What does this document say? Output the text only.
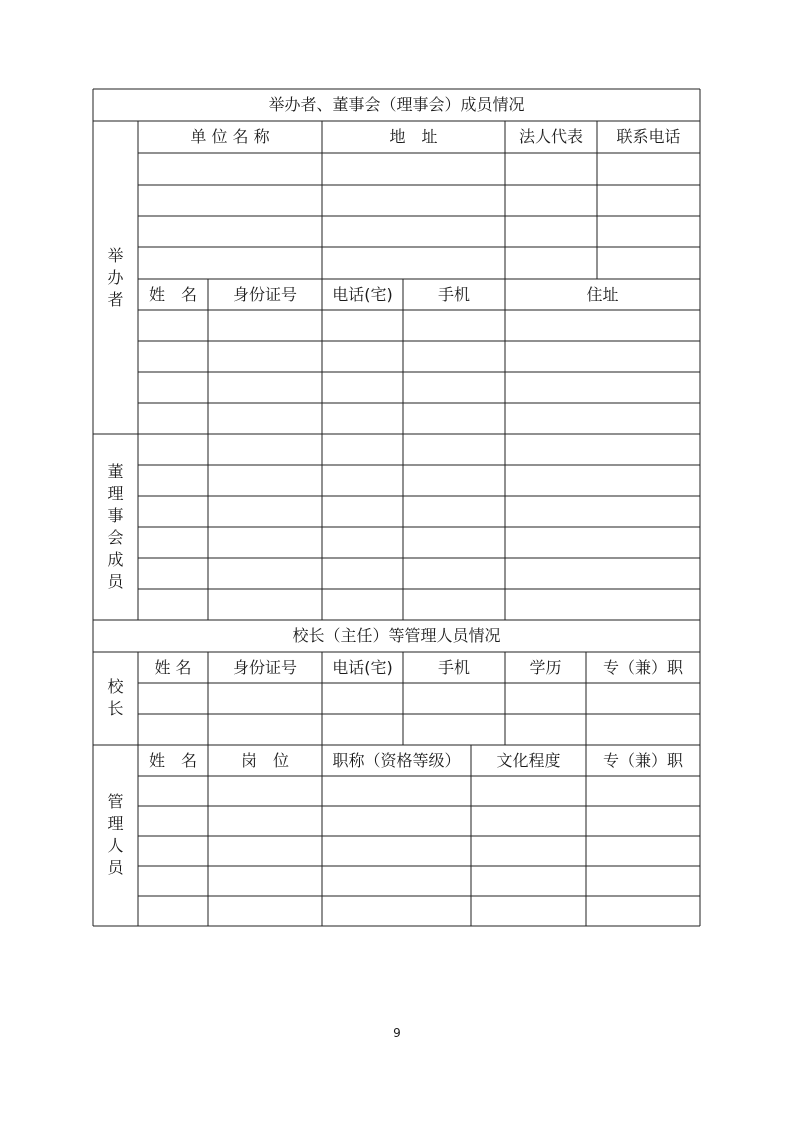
举办者、董事会（理事会）成员情况
举
办
者
单 位 名 称	地　址	法人代表	联系电话
姓　名	身份证号	电话(宅)	手机	住址
董
理
事
会
成
员
校长（主任）等管理人员情况
校
长
姓 名	身份证号	电话(宅)	手机	学历	专（兼）职
管
理
人
员
姓　名	岗　位	职称（资格等级）	文化程度	专（兼）职
9
